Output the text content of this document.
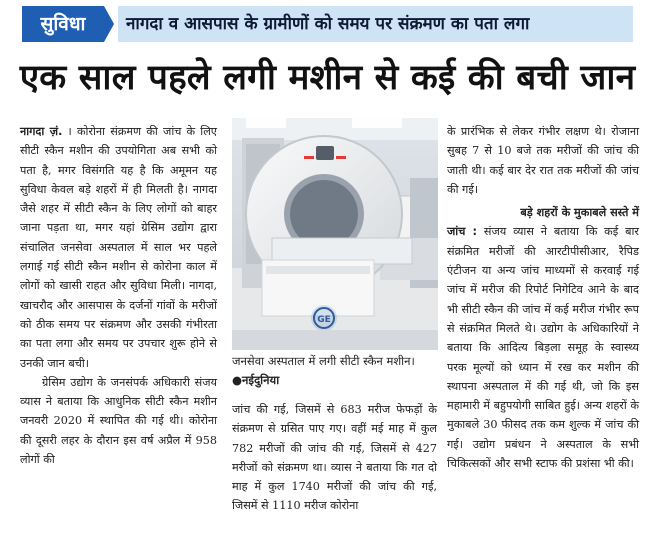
सुविधा	नागदा व आसपास के ग्रामीणों को समय पर संक्रमण का पता लगा
एक साल पहले लगी मशीन से कई की बची जान

नागदा ज़ं. । कोरोना संक्रमण की जांच के लिए सीटी स्कैन मशीन की उपयोगिता अब सभी को पता है, मगर विसंगति यह है कि अमूमन यह सुविधा केवल बड़े शहरों में ही मिलती है। नागदा जैसे शहर में सीटी स्कैन के लिए लोगों को बाहर जाना पड़ता था, मगर यहां ग्रेसिम उद्योग द्वारा संचालित जनसेवा अस्पताल में साल भर पहले लगाई गई सीटी स्कैन मशीन से कोरोना काल में लोगों को खासी राहत और सुविधा मिली। नागदा, खाचरौद और आसपास के दर्जनों गांवों के मरीजों को ठीक समय पर संक्रमण और उसकी गंभीरता का पता लगा और समय पर उपचार शुरू होने से उनकी जान बची।

ग्रेसिम उद्योग के जनसंपर्क अधिकारी संजय व्यास ने बताया कि आधुनिक सीटी स्कैन मशीन जनवरी 2020 में स्थापित की गई थी। कोरोना की दूसरी लहर के दौरान इस वर्ष अप्रैल में 958 लोगों की

GE
जनसेवा अस्पताल में लगी सीटी स्कैन मशीन। ●नईदुनिया

जांच की गई, जिसमें से 683 मरीज फेफड़ों के संक्रमण से ग्रसित पाए गए। वहीं मई माह में कुल 782 मरीजों की जांच की गई, जिसमें से 427 मरीजों को संक्रमण था। व्यास ने बताया कि गत दो माह में कुल 1740 मरीजों की जांच की गई, जिसमें से 1110 मरीज कोरोना

के प्रारंभिक से लेकर गंभीर लक्षण थे। रोजाना सुबह 7 से 10 बजे तक मरीजों की जांच की जाती थी। कई बार देर रात तक मरीजों की जांच की गई।

बड़े शहरों के मुकाबले सस्ते में

जांच : संजय व्यास ने बताया कि कई बार संक्रमित मरीजों की आरटीपीसीआर, रैपिड एंटीजन या अन्य जांच माध्यमों से करवाई गई जांच में मरीज की रिपोर्ट निगेटिव आने के बाद भी सीटी स्कैन की जांच में कई मरीज गंभीर रूप से संक्रमित मिलते थे। उद्योग के अधिकारियों ने बताया कि आदित्य बिड़ला समूह के स्वास्थ्य परक मूल्यों को ध्यान में रख कर मशीन की स्थापना अस्पताल में की गई थी, जो कि इस महामारी में बहुपयोगी साबित हुई। अन्य शहरों के मुकाबले 30 फीसद तक कम शुल्क में जांच की गई। उद्योग प्रबंधन ने अस्पताल के सभी चिकित्सकों और सभी स्टाफ की प्रशंसा भी की।
